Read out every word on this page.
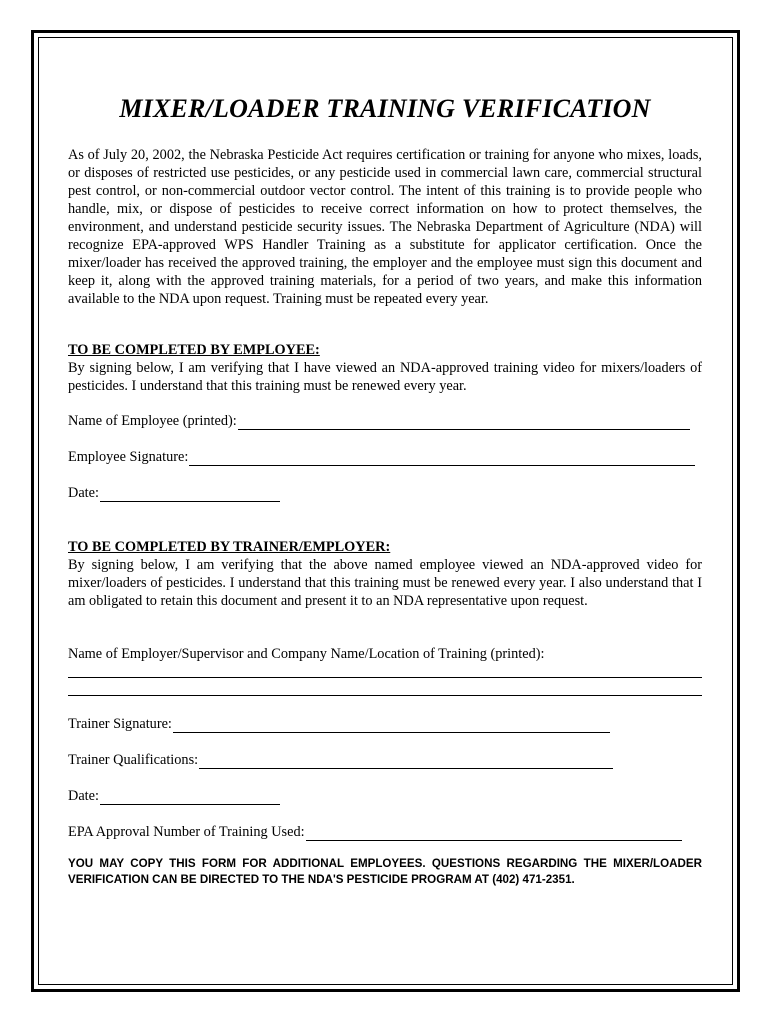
MIXER/LOADER TRAINING VERIFICATION

As of July 20, 2002, the Nebraska Pesticide Act requires certification or training for anyone who mixes, loads, or disposes of restricted use pesticides, or any pesticide used in commercial lawn care, commercial structural pest control, or non-commercial outdoor vector control. The intent of this training is to provide people who handle, mix, or dispose of pesticides to receive correct information on how to protect themselves, the environment, and understand pesticide security issues. The Nebraska Department of Agriculture (NDA) will recognize EPA-approved WPS Handler Training as a substitute for applicator certification. Once the mixer/loader has received the approved training, the employer and the employee must sign this document and keep it, along with the approved training materials, for a period of two years, and make this information available to the NDA upon request. Training must be repeated every year.

TO BE COMPLETED BY EMPLOYEE:
By signing below, I am verifying that I have viewed an NDA-approved training video for mixers/loaders of pesticides. I understand that this training must be renewed every year.
Name of Employee (printed):
Employee Signature:
Date:
TO BE COMPLETED BY TRAINER/EMPLOYER:
By signing below, I am verifying that the above named employee viewed an NDA-approved video for mixer/loaders of pesticides. I understand that this training must be renewed every year. I also understand that I am obligated to retain this document and present it to an NDA representative upon request.
Name of Employer/Supervisor and Company Name/Location of Training (printed):
Trainer Signature:
Trainer Qualifications:
Date:
EPA Approval Number of Training Used:

YOU MAY COPY THIS FORM FOR ADDITIONAL EMPLOYEES. QUESTIONS REGARDING THE MIXER/LOADER VERIFICATION CAN BE DIRECTED TO THE NDA'S PESTICIDE PROGRAM AT (402) 471-2351.
